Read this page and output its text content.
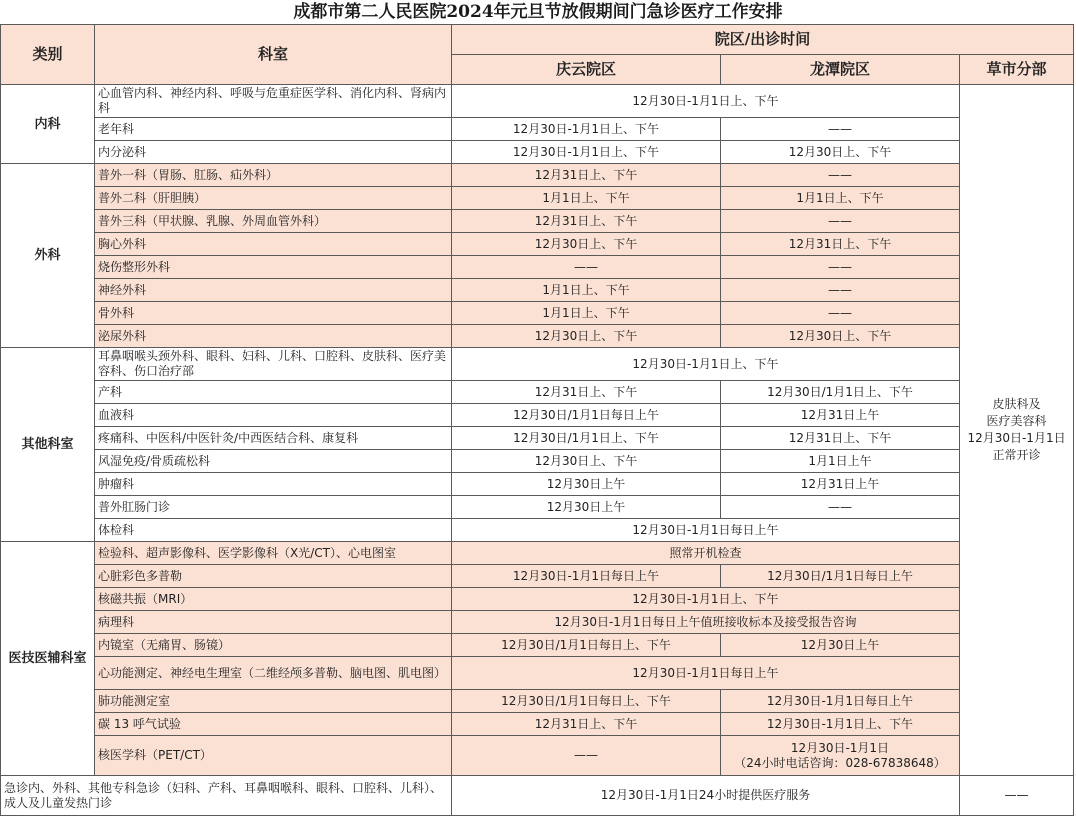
成都市第二人民医院2024年元旦节放假期间门急诊医疗工作安排
类别	科室	院区/出诊时间		
		庆云院区	龙潭院区	草市分部
内科	心血管内科、神经内科、呼吸与危重症医学科、消化内科、肾病内科	12月30日-1月1日上、下午		皮肤科及
医疗美容科
12月30日-1月1日
正常开诊

	老年科	12月30日-1月1日上、下午	——	
	内分泌科	12月30日-1月1日上、下午	12月30日上、下午	
外科	普外一科（胃肠、肛肠、疝外科）	12月31日上、下午	——	
	普外二科（肝胆胰）	1月1日上、下午	1月1日上、下午	
	普外三科（甲状腺、乳腺、外周血管外科）	12月31日上、下午	——	
	胸心外科	12月30日上、下午	12月31日上、下午	
	烧伤整形外科	——	——	
	神经外科	1月1日上、下午	——	
	骨外科	1月1日上、下午	——	
	泌尿外科	12月30日上、下午	12月30日上、下午	
其他科室	耳鼻咽喉头颈外科、眼科、妇科、儿科、口腔科、皮肤科、医疗美容科、伤口治疗部	12月30日-1月1日上、下午		
	产科	12月31日上、下午	12月30日/1月1日上、下午	
	血液科	12月30日/1月1日每日上午	12月31日上午	
	疼痛科、中医科/中医针灸/中西医结合科、康复科	12月30日/1月1日上、下午	12月31日上、下午	
	风湿免疫/骨质疏松科	12月30日上、下午	1月1日上午	
	肿瘤科	12月30日上午	12月31日上午	
	普外肛肠门诊	12月30日上午	——	
	体检科	12月30日-1月1日每日上午		
医技医辅科室	检验科、超声影像科、医学影像科（X光/CT）、心电图室	照常开机检查		
	心脏彩色多普勒	12月30日-1月1日每日上午	12月30日/1月1日每日上午	
	核磁共振（MRI）	12月30日-1月1日上、下午		
	病理科	12月30日-1月1日每日上午值班接收标本及接受报告咨询		
	内镜室（无痛胃、肠镜）	12月30日/1月1日每日上、下午	12月30日上午	
	心功能测定、神经电生理室（二维经颅多普勒、脑电图、肌电图）	12月30日-1月1日每日上午		
	肺功能测定室	12月30日/1月1日每日上、下午	12月30日-1月1日每日上午	
	碳 13 呼气试验	12月31日上、下午	12月30日-1月1日上、下午	
	核医学科（PET/CT）	——	12月30日-1月1日
（24小时电话咨询：028-67838648）	

急诊内、外科、其他专科急诊（妇科、产科、耳鼻咽喉科、眼科、口腔科、儿科）、成人及儿童发热门诊		12月30日-1月1日24小时提供医疗服务		——
